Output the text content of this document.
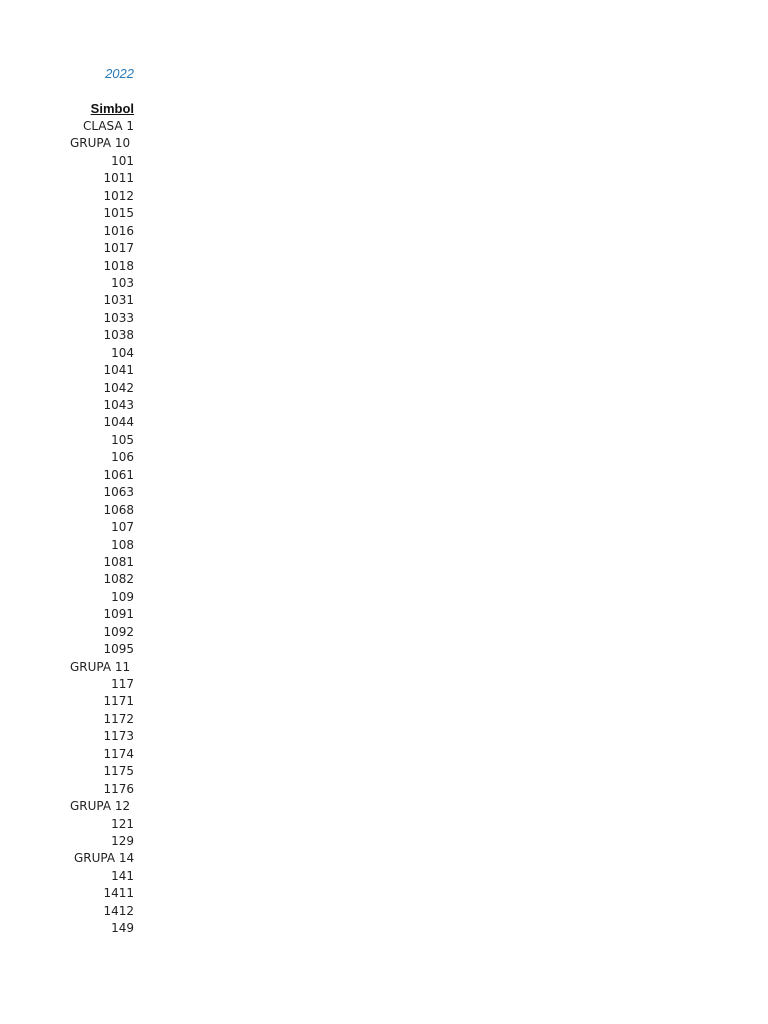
2022
Simbol
CLASA 1
GRUPA 10
101
1011
1012
1015
1016
1017
1018
103
1031
1033
1038
104
1041
1042
1043
1044
105
106
1061
1063
1068
107
108
1081
1082
109
1091
1092
1095
GRUPA 11
117
1171
1172
1173
1174
1175
1176
GRUPA 12
121
129
GRUPA 14
141
1411
1412
149
